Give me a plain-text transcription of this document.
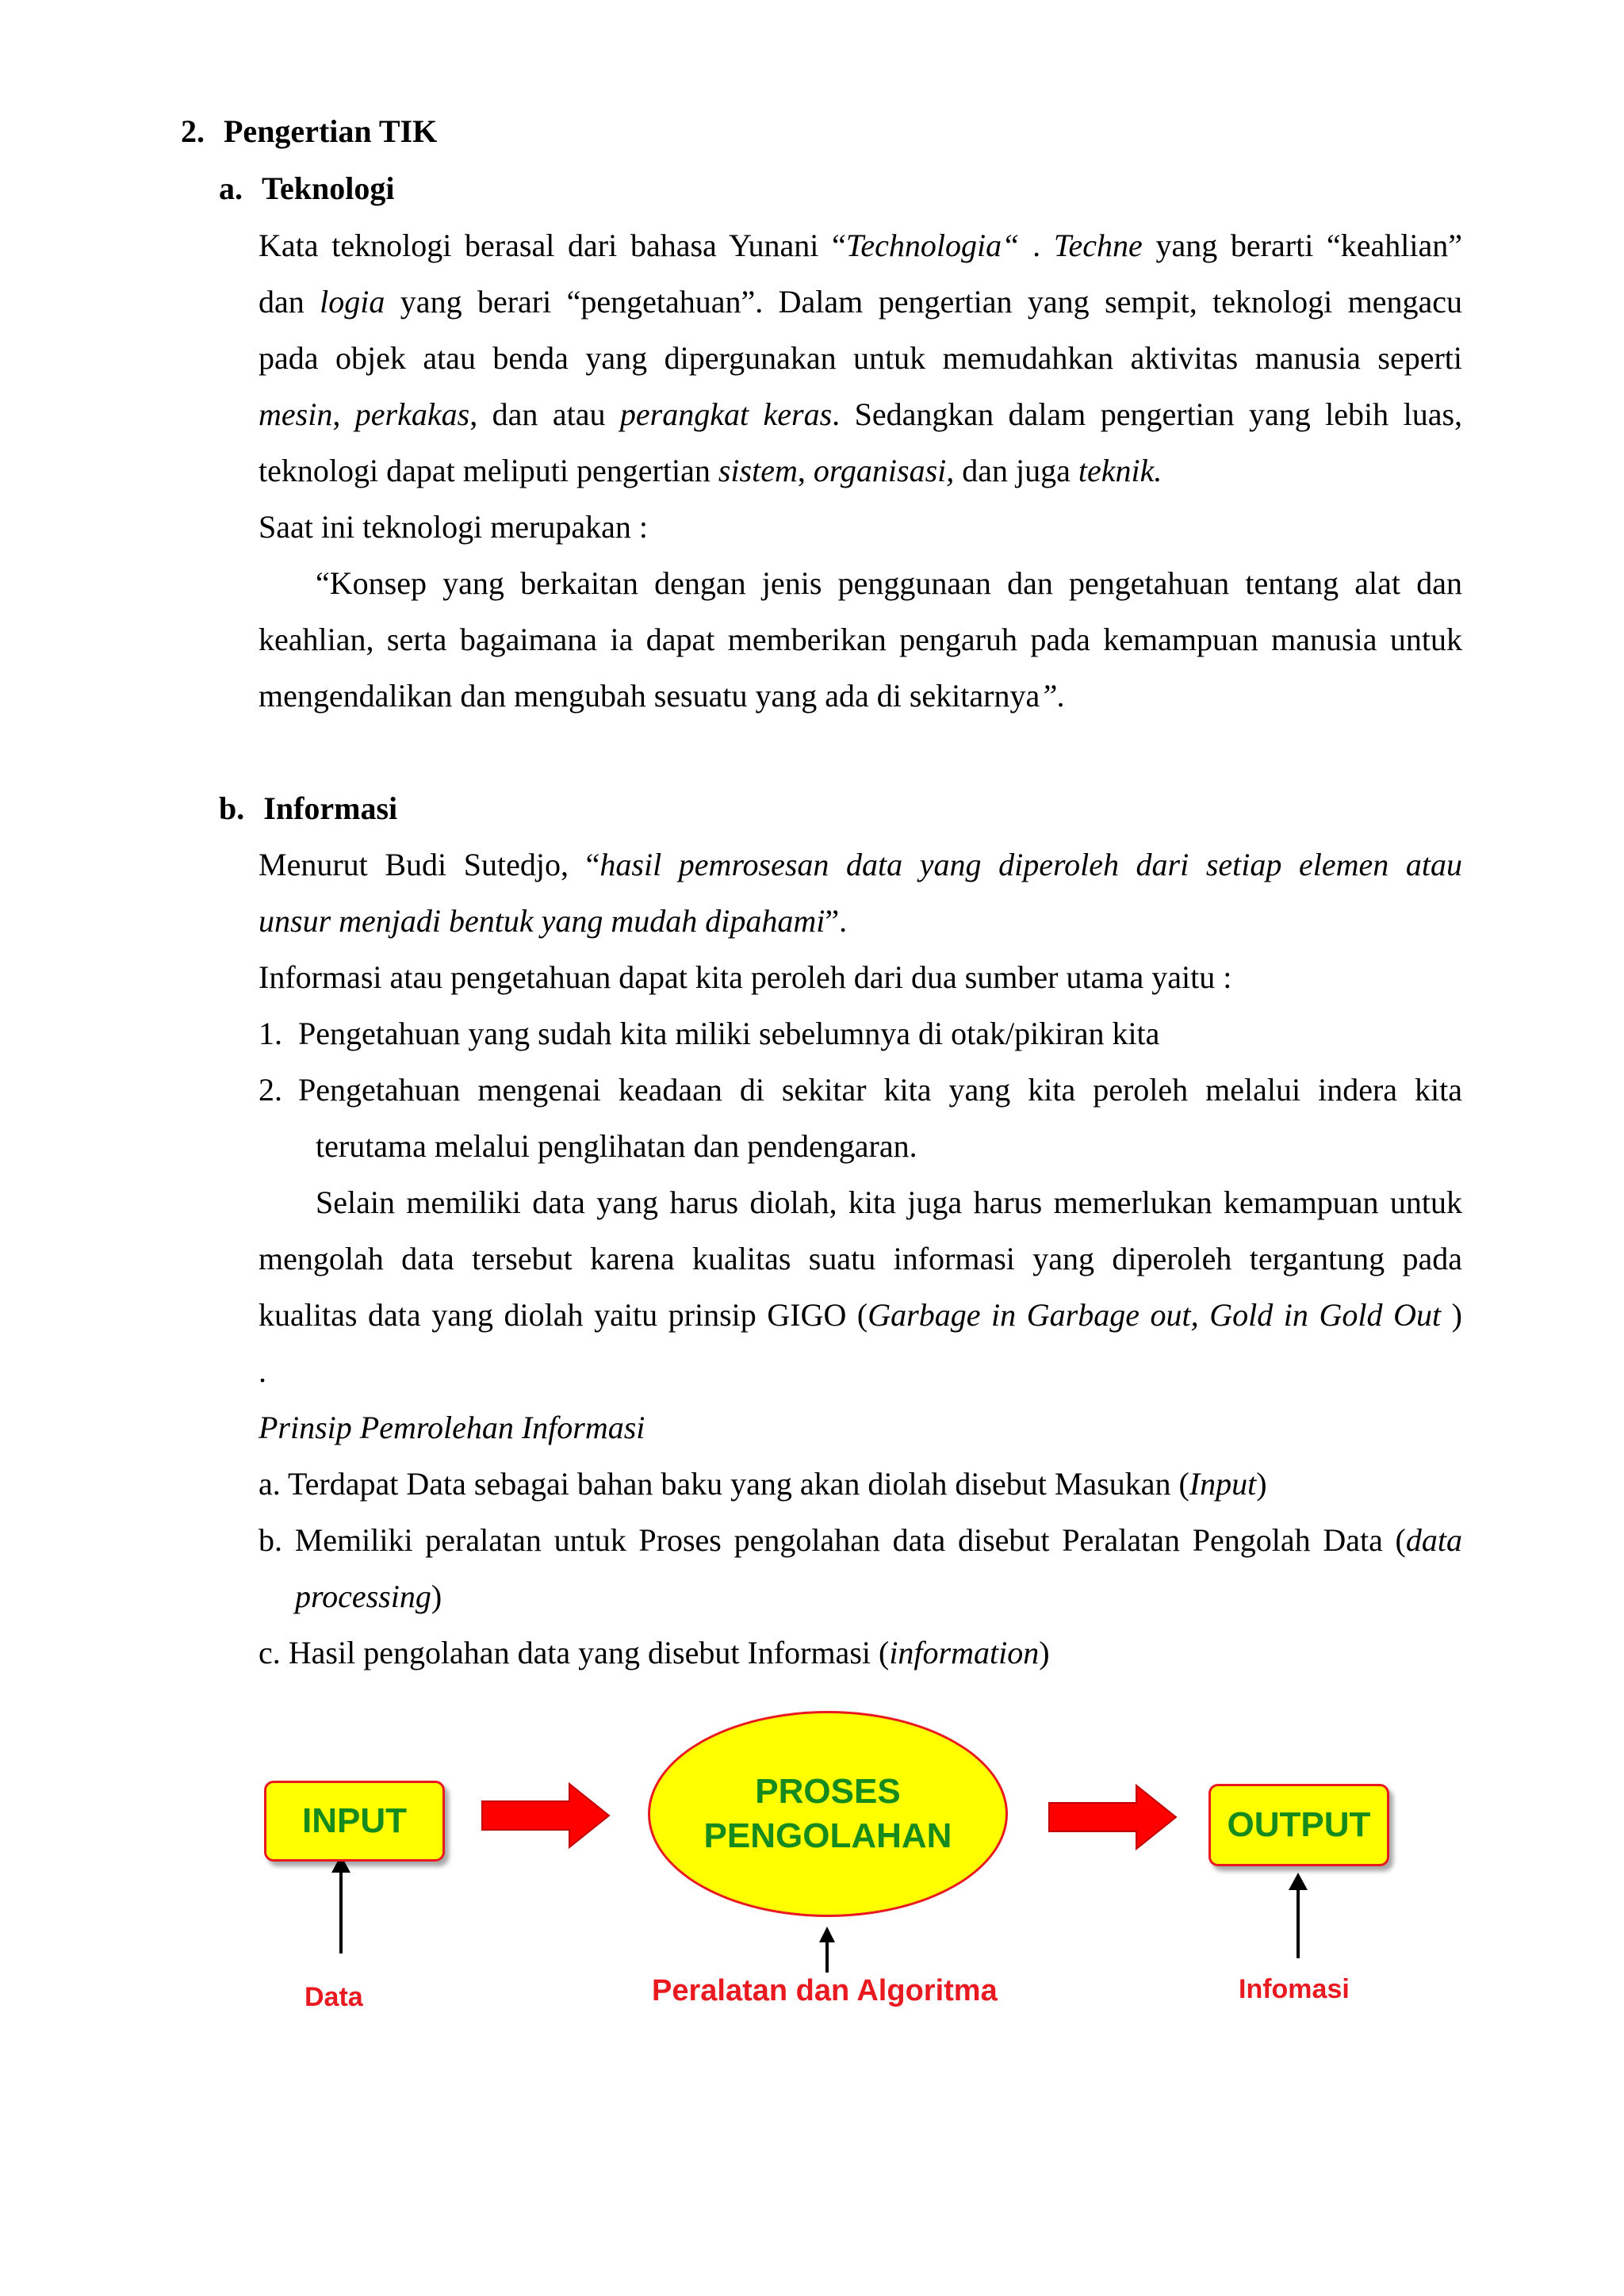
2. Pengertian TIK
a. Teknologi
Kata teknologi berasal dari bahasa Yunani “Technologia“ . Techne yang berarti “keahlian”
dan logia yang berari “pengetahuan”. Dalam pengertian yang sempit, teknologi mengacu
pada objek atau benda yang dipergunakan untuk memudahkan aktivitas manusia seperti
mesin, perkakas, dan atau perangkat keras. Sedangkan dalam pengertian yang lebih luas,
teknologi dapat meliputi pengertian sistem, organisasi, dan juga teknik.
Saat ini teknologi merupakan :
“Konsep yang berkaitan dengan jenis penggunaan dan pengetahuan tentang alat dan
keahlian, serta bagaimana ia dapat memberikan pengaruh pada kemampuan manusia untuk
mengendalikan dan mengubah sesuatu yang ada di sekitarnya”.
b. Informasi
Menurut Budi Sutedjo, “hasil pemrosesan data yang diperoleh dari setiap elemen atau
unsur menjadi bentuk yang mudah dipahami”.
Informasi atau pengetahuan dapat kita peroleh dari dua sumber utama yaitu :
1. Pengetahuan yang sudah kita miliki sebelumnya di otak/pikiran kita
2. Pengetahuan mengenai keadaan di sekitar kita yang kita peroleh melalui indera kita
terutama melalui penglihatan dan pendengaran.
Selain memiliki data yang harus diolah, kita juga harus memerlukan kemampuan untuk
mengolah data tersebut karena kualitas suatu informasi yang diperoleh tergantung pada
kualitas data yang diolah yaitu prinsip GIGO (Garbage in Garbage out, Gold in Gold Out )
.
Prinsip Pemrolehan Informasi
a. Terdapat Data sebagai bahan baku yang akan diolah disebut Masukan (Input)
b. Memiliki peralatan untuk Proses pengolahan data disebut Peralatan Pengolah Data (data
processing)
c. Hasil pengolahan data yang disebut Informasi (information)
INPUT
PROSES
PENGOLAHAN	OUTPUT
Data	Peralatan dan Algoritma	Infomasi
